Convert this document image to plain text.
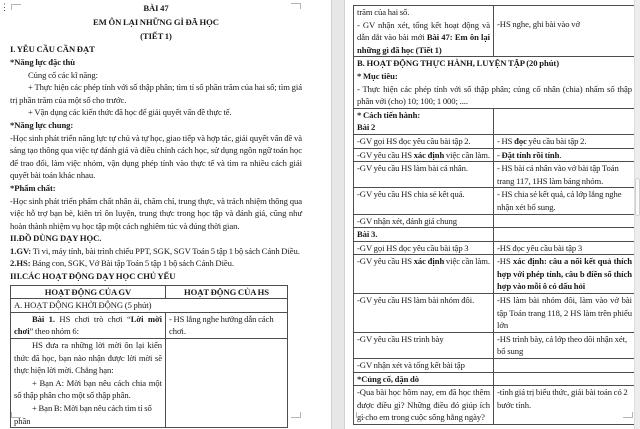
⋮	BÀI 47

EM ÔN LẠI NHỮNG GÌ ĐÃ HỌC

(TIẾT 1)

I. YÊU CẦU CẦN ĐẠT

*Năng lực đặc thù

Củng cố các kĩ năng:

+ Thực hiện các phép tính với số thập phân; tìm tỉ số phần trăm của hai số; tìm giá trị phần trăm của một số cho trước.

+ Vận dụng các kiến thức đã học để giải quyết vấn đề thực tế.

*Năng lực chung:

-Học sinh phát triển năng lực tự chủ và tự học, giao tiếp và hợp tác, giải quyết vấn đề và sáng tạo thông qua việc tự đánh giá và điều chỉnh cách học, sử dụng ngôn ngữ toán học để trao đổi, làm việc nhóm, vận dụng phép tính vào thực tế và tìm ra nhiều cách giải quyết bài toán khác nhau.

*Phẩm chất:

-Học sinh phát triển phẩm chất nhân ái, chăm chỉ, trung thực, và trách nhiệm thông qua việc hỗ trợ bạn bè, kiên trì ôn luyện, trung thực trong học tập và đánh giá, cũng như hoàn thành nhiệm vụ học tập một cách nghiêm túc và đúng thời gian.

II.ĐỒ DÙNG DẠY HỌC.

1.GV: Ti vi, máy tính, bài trình chiếu PPT, SGK, SGV Toán 5 tập 1 bộ sách Cánh Diều.

2.HS: Bảng con, SGK, Vở Bài tập Toán 5 tập 1 bộ sách Cánh Diều.

III.CÁC HOẠT ĐỘNG DẠY HỌC CHỦ YẾU

HOẠT ĐỘNG CỦA GV	HOẠT ĐỘNG CỦA HS
A. HOẠT ĐỘNG KHỞI ĐỘNG (5 phút)	

Bài 1. HS chơi trò chơi “Lời mời chơi” theo nhóm 6:	- HS lắng nghe hướng dẫn cách chơi.

HS đưa ra những lời mời ôn lại kiến thức đã học, bạn nào nhận được lời mời sẽ thực hiện lời mời. Chẳng hạn:

+ Bạn A: Mời bạn nêu cách chia một số thập phân cho một số thập phân.

+ Bạn B: Mời bạn nêu cách tìm tỉ số phần	

trăm của hai số.

- GV nhận xét, tổng kết hoạt động và dẫn dắt vào bài mới Bài 47: Em ôn lại những gì đã học (Tiết 1)	-HS nghe, ghi bài vào vở

B. HOẠT ĐỘNG THỰC HÀNH, LUYỆN TẬP (20 phút)

* Mục tiêu:

- Thực hiện các phép tính với số thập phân; củng cố nhân (chia) nhẩm số thập phân với (cho) 10; 100; 1 000; ....	

* Cách tiến hành:

Bài 2	

-GV gọi HS đọc yêu cầu bài tập 2.	- HS đọc yêu cầu bài tập 2.

-GV yêu cầu HS xác định việc cần làm.	- Đặt tính rồi tính.

-GV yêu cầu HS làm bài cá nhân.	- HS bài cá nhân vào vở bài tập Toán trang 117, 1HS làm bảng nhóm.

-GV yêu cầu HS chia sẻ kết quả.	- HS chia sẻ kết quả, cả lớp lắng nghe nhận xét bổ sung.

-GV nhận xét, đánh giá chung	

Bài 3.	

-GV gọi HS đọc yêu cầu bài tập 3	-HS đọc yêu cầu bài tập 3

-GV yêu cầu HS xác định việc cần làm.	-HS xác định: câu a nối kết quả thích hợp với phép tính, câu b điền số thích hợp vào mỗi ô có dấu hỏi

-GV yêu cầu HS làm bài nhóm đôi.	-HS làm bài nhóm đôi, làm vào vở bài tập Toán trang 118, 2 HS làm trên phiếu lớn

-GV yêu cầu HS trình bày	-HS trình bày, cả lớp theo dõi nhận xét, bổ sung

-GV nhận xét và tổng kết bài tập	

*Củng cố, dặn dò	

-Qua bài học hôm nay, em đã học thêm được điều gì? Những điều đó giúp ích gì cho em trong cuộc sống hằng ngày?	-tính giá trị biểu thức, giải bài toán có 2 bước tính.
